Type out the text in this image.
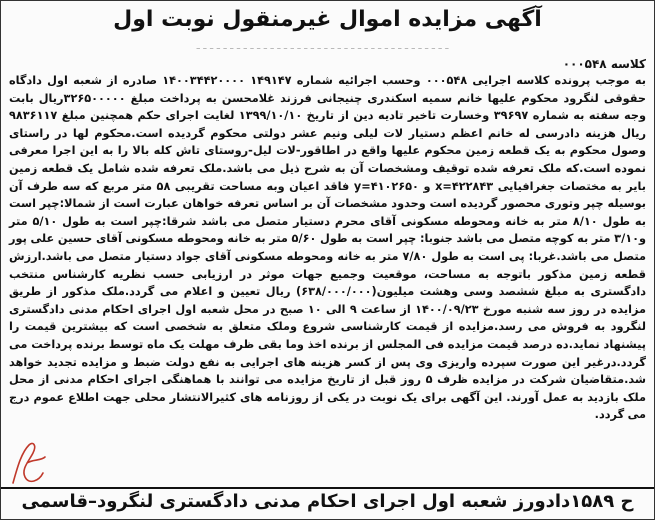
آگهی مزایده اموال غیرمنقول نوبت اول
ـ ـ ـ ـ ـ ـ ـ ـ ـ ـ ـ ـ ـ ـ ـ ـ ـ ـ ـ ـ ـ ـ ـ ـ ـ ـ ـ ـ ـ ـ ـ ـ ـ ـ ـ ـ ـ ـ
کلاسه ۰۰۰۵۴۸
به موجب پرونده کلاسه اجرایی ۰۰۰۵۴۸ وحسب اجرائیه شماره ۱۴۹۱۴۷ ۱۴۰۰۳۴۴۲۰۰۰۰ صادره از شعبه اول دادگاه حقوقی لنگرود محکوم علیها خانم سمیه اسکندری چنیجانی فرزند غلامحسن به پرداخت مبلغ ۳۲۶۵۰۰۰۰۰ریال بابت وجه سفته به شماره ۳۹۶۹۷ وخسارت تاخیر تادیه دین از تاریخ ۱۳۹۹/۱۰/۱۰ لغایت اجرای حکم همچنین مبلغ ۹۸۳۶۱۱۷ ریال هزینه دادرسی له خانم اعظم دستیار لات لیلی ونیم عشر دولتی محکوم گردیده است.محکوم لها در راستای وصول محکوم به یک قطعه زمین محکوم علیها واقع در اطاقور-لات لیل-روستای تاش کله بالا را به این اجرا معرفی نموده است.که ملک تعرفه شده توقیف ومشخصات آن به شرح ذیل می باشد.ملک تعرفه شده شامل یک قطعه زمین بایر به مختصات جغرافیایی x=۴۲۲۸۴۳ و y=۴۱۰۲۶۵۰ فاقد اعیان وبه مساحت تقریبی ۵۸ متر مربع که سه طرف آن بوسیله چپر وتوری محصور گردیده است وحدود مشخصات آن بر اساس تعرفه خواهان عبارت است از شمالا:چپر است به طول ۸/۱۰ متر به خانه ومحوطه مسکونی آقای محرم دستیار متصل می باشد شرقا:چپر است به طول ۵/۱۰ متر و۳/۱۰ متر به کوچه متصل می باشد جنوبا: چپر است به طول ۵/۶۰ متر به خانه ومحوطه مسکونی آقای حسین علی پور متصل می باشد.غربا: پی است به طول ۷/۸۰ متر به خانه ومحوطه مسکونی آقای جواد دستیار متصل می باشد.ارزش قطعه زمین مذکور باتوجه به مساحت، موقعیت وجمیع جهات موثر در ارزیابی حسب نظریه کارشناس منتخب دادگستری به مبلغ ششصد وسی وهشت میلیون(۶۳۸/۰۰۰/۰۰۰) ریال تعیین و اعلام می گردد.ملک مذکور از طریق مزایده در روز سه شنبه مورخ ۱۴۰۰/۰۹/۲۳ از ساعت ۹ الی ۱۰ صبح در محل شعبه اول اجرای احکام مدنی دادگستری لنگرود به فروش می رسد.مزایده از قیمت کارشناسی شروع وملک متعلق به شخصی است که بیشترین قیمت را پیشنهاد نماید.ده درصد قیمت مزایده فی المجلس از برنده اخذ وما بقی ظرف مهلت یک ماه توسط برنده پرداخت می گردد.درغیر این صورت سپرده واریزی وی پس از کسر هزینه های اجرایی به نفع دولت ضبط و مزایده تجدید خواهد شد.متقاضیان شرکت در مزایده ظرف ۵ روز قبل از تاریخ مزایده می توانند با هماهنگی اجرای احکام مدنی از محل ملک بازدید به عمل آورند. این آگهی برای یک نوبت در یکی از روزنامه های کثیرالانتشار محلی جهت اطلاع عموم درج می گردد.
ح ۱۵۸۹دادورز شعبه اول اجرای احکام مدنی دادگستری لنگرود–قاسمی
